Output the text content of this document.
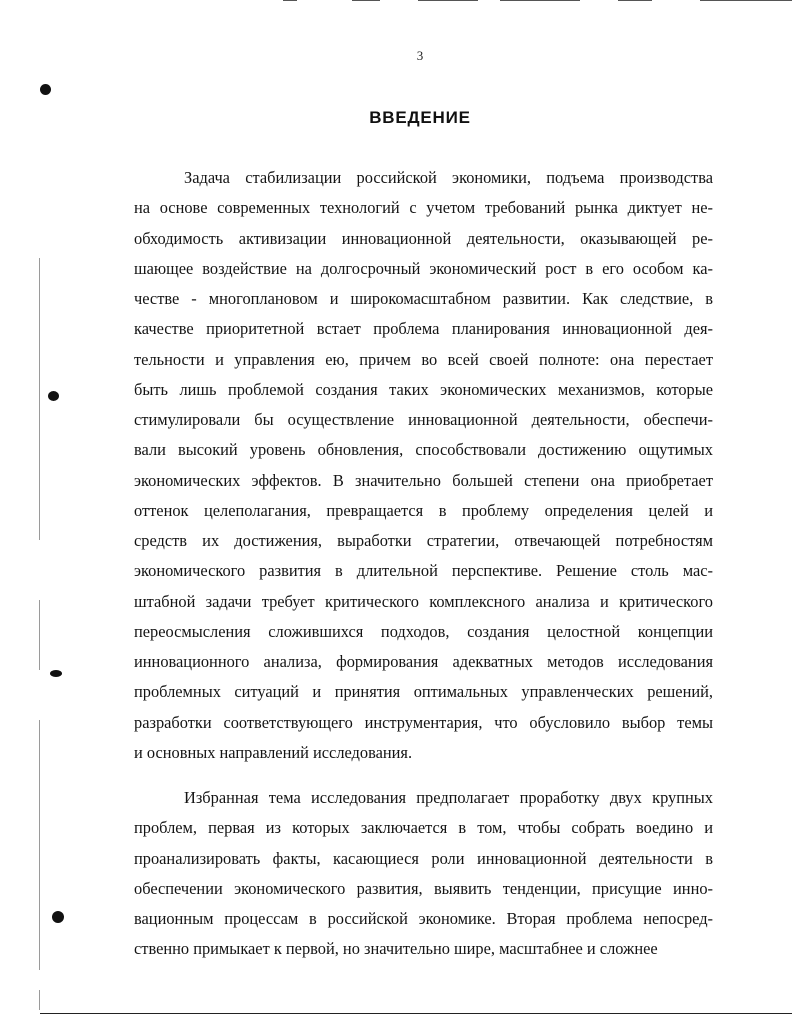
3
ВВЕДЕНИЕ
Задача стабилизации российской экономики, подъема производства
на основе современных технологий с учетом требований рынка диктует не-
обходимость активизации инновационной деятельности, оказывающей ре-
шающее воздействие на долгосрочный экономический рост в его особом ка-
честве - многоплановом и широкомасштабном развитии. Как следствие, в
качестве приоритетной встает проблема планирования инновационной дея-
тельности и управления ею, причем во всей своей полноте: она перестает
быть лишь проблемой создания таких экономических механизмов, которые
стимулировали бы осуществление инновационной деятельности, обеспечи-
вали высокий уровень обновления, способствовали достижению ощутимых
экономических эффектов. В значительно большей степени она приобретает
оттенок целеполагания, превращается в проблему определения целей и
средств их достижения, выработки стратегии, отвечающей потребностям
экономического развития в длительной перспективе. Решение столь мас-
штабной задачи требует критического комплексного анализа и критического
переосмысления сложившихся подходов, создания целостной концепции
инновационного анализа, формирования адекватных методов исследования
проблемных ситуаций и принятия оптимальных управленческих решений,
разработки соответствующего инструментария, что обусловило выбор темы
и основных направлений исследования.
Избранная тема исследования предполагает проработку двух крупных
проблем, первая из которых заключается в том, чтобы собрать воедино и
проанализировать факты, касающиеся роли инновационной деятельности в
обеспечении экономического развития, выявить тенденции, присущие инно-
вационным процессам в российской экономике. Вторая проблема непосред-
ственно примыкает к первой, но значительно шире, масштабнее и сложнее
